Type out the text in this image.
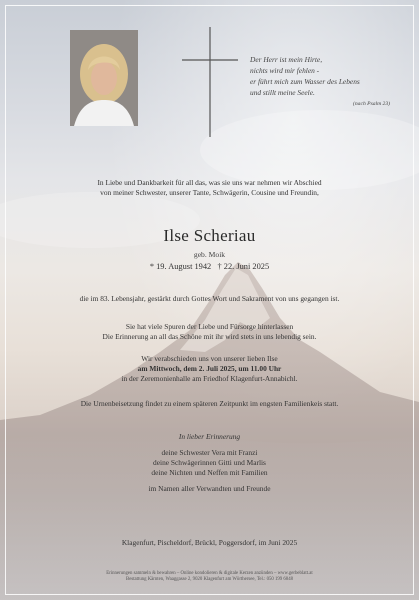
Der Herr ist mein Hirte,
nichts wird mir fehlen -
er führt mich zum Wasser des Lebens
und stillt meine Seele.
(nach Psalm 23)
In Liebe und Dankbarkeit für all das, was sie uns war nehmen wir Abschied
von meiner Schwester, unserer Tante, Schwägerin, Cousine und Freundin,
Ilse Scheriau
geb. Moik
* 19. August 1942 † 22. Juni 2025
die im 83. Lebensjahr, gestärkt durch Gottes Wort und Sakrament von uns gegangen ist.
Sie hat viele Spuren der Liebe und Fürsorge hinterlassen
Die Erinnerung an all das Schöne mit ihr wird stets in uns lebendig sein.
Wir verabschieden uns von unserer lieben Ilse
am Mittwoch, dem 2. Juli 2025, um 11.00 Uhr
in der Zeremonienhalle am Friedhof Klagenfurt-Annabichl.
Die Urnenbeisetzung findet zu einem späteren Zeitpunkt im engsten Familienkeis statt.
In lieber Erinnerung
deine Schwester Vera mit Franzi
deine Schwägerinnen Gitti und Marlis
deine Nichten und Neffen mit Familien
im Namen aller Verwandten und Freunde
Klagenfurt, Pischeldorf, Brückl, Poggersdorf, im Juni 2025
Erinnerungen sammeln & bewahren – Online kondolieren & digitale Kerzen anzünden – www.gerbeblatt.at
Bestattung Kärnten, Waaggasse 2, 9020 Klagenfurt am Wörthersee, Tel.: 050 199 6848
